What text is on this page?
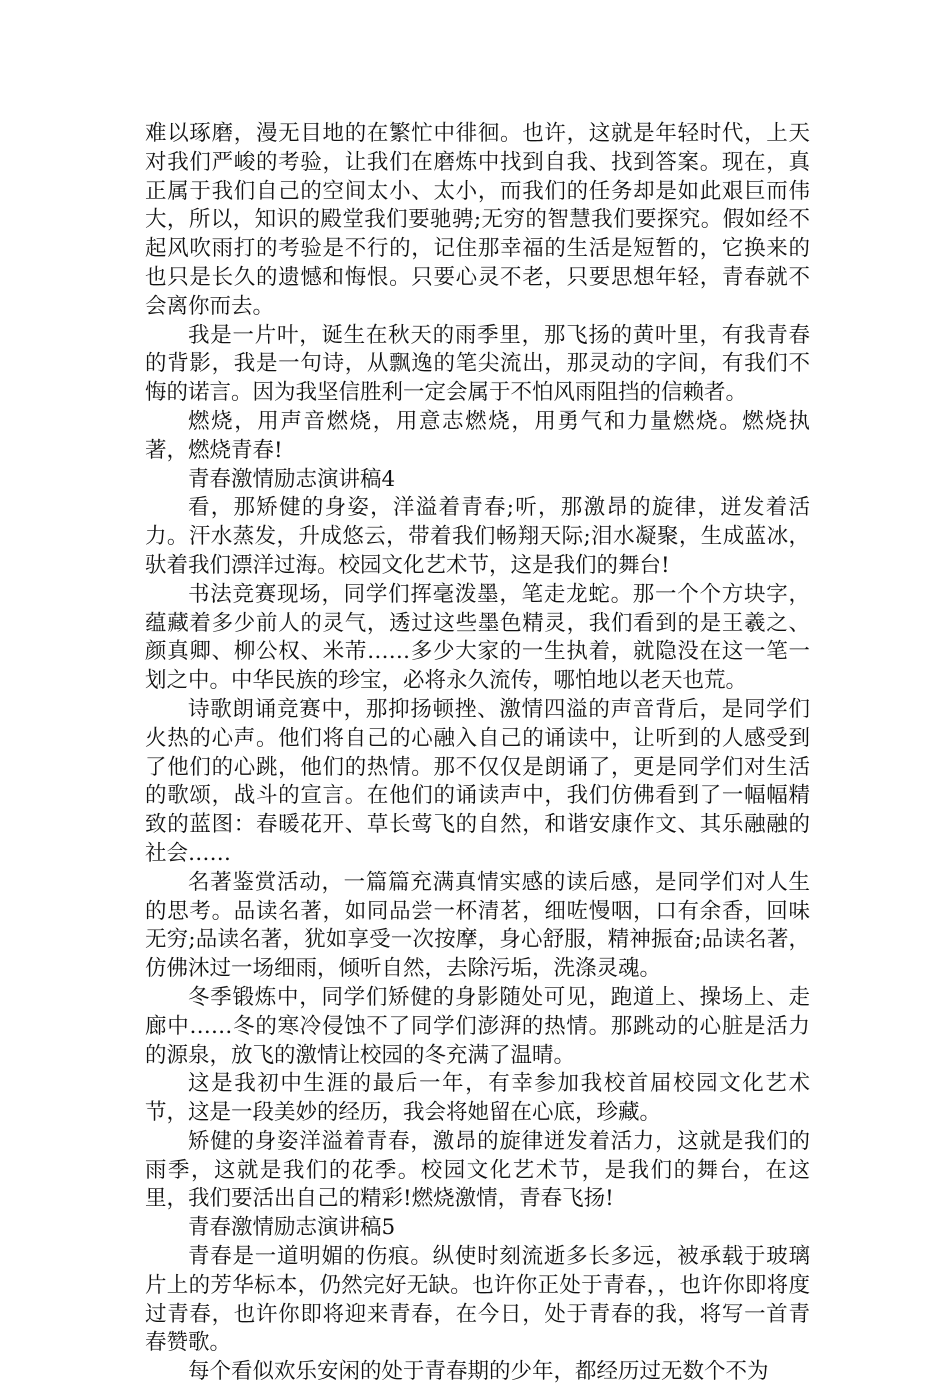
难以琢磨，漫无目地的在繁忙中徘徊。也许，这就是年轻时代，上天对我们严峻的考验，让我们在磨炼中找到自我、找到答案。现在，真正属于我们自己的空间太小、太小，而我们的任务却是如此艰巨而伟大，所以，知识的殿堂我们要驰骋;无穷的智慧我们要探究。假如经不起风吹雨打的考验是不行的，记住那幸福的生活是短暂的，它换来的也只是长久的遗憾和悔恨。只要心灵不老，只要思想年轻，青春就不会离你而去。

我是一片叶，诞生在秋天的雨季里，那飞扬的黄叶里，有我青春的背影，我是一句诗，从飘逸的笔尖流出，那灵动的字间，有我们不悔的诺言。因为我坚信胜利一定会属于不怕风雨阻挡的信赖者。

燃烧，用声音燃烧，用意志燃烧，用勇气和力量燃烧。燃烧执著，燃烧青春!

青春激情励志演讲稿4

看，那矫健的身姿，洋溢着青春;听，那激昂的旋律，迸发着活力。汗水蒸发，升成悠云，带着我们畅翔天际;泪水凝聚，生成蓝冰，驮着我们漂洋过海。校园文化艺术节，这是我们的舞台!

书法竞赛现场，同学们挥毫泼墨，笔走龙蛇。那一个个方块字，蕴藏着多少前人的灵气，透过这些墨色精灵，我们看到的是王羲之、颜真卿、柳公权、米芾……多少大家的一生执着，就隐没在这一笔一划之中。中华民族的珍宝，必将永久流传，哪怕地以老天也荒。

诗歌朗诵竞赛中，那抑扬顿挫、激情四溢的声音背后，是同学们火热的心声。他们将自己的心融入自己的诵读中，让听到的人感受到了他们的心跳，他们的热情。那不仅仅是朗诵了，更是同学们对生活的歌颂，战斗的宣言。在他们的诵读声中，我们仿佛看到了一幅幅精致的蓝图：春暖花开、草长莺飞的自然，和谐安康作文、其乐融融的社会……

名著鉴赏活动，一篇篇充满真情实感的读后感，是同学们对人生的思考。品读名著，如同品尝一杯清茗，细咗慢咽，口有余香，回味无穷;品读名著，犹如享受一次按摩，身心舒服，精神振奋;品读名著，仿佛沐过一场细雨，倾听自然，去除污垢，洗涤灵魂。

冬季锻炼中，同学们矫健的身影随处可见，跑道上、操场上、走廊中……冬的寒冷侵蚀不了同学们澎湃的热情。那跳动的心脏是活力的源泉，放飞的激情让校园的冬充满了温晴。

这是我初中生涯的最后一年，有幸参加我校首届校园文化艺术节，这是一段美妙的经历，我会将她留在心底，珍藏。

矫健的身姿洋溢着青春，激昂的旋律迸发着活力，这就是我们的雨季，这就是我们的花季。校园文化艺术节，是我们的舞台，在这里，我们要活出自己的精彩!燃烧激情，青春飞扬!

青春激情励志演讲稿5

青春是一道明媚的伤痕。纵使时刻流逝多长多远，被承载于玻璃片上的芳华标本，仍然完好无缺。也许你正处于青春，，也许你即将度过青春，也许你即将迎来青春，在今日，处于青春的我，将写一首青春赞歌。

每个看似欢乐安闲的处于青春期的少年，都经历过无数个不为
